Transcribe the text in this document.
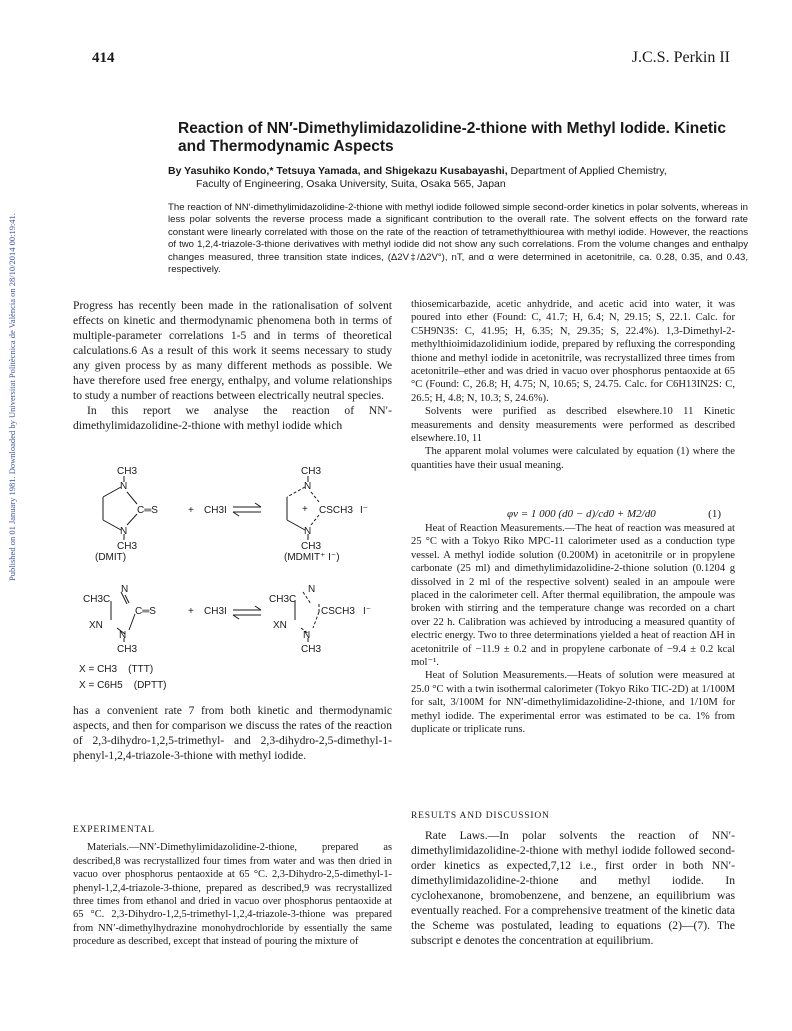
414	J.C.S. Perkin II
Published on 01 January 1981. Downloaded by Universitat Politècnica de València on 28/10/2014 00:19:41.
Reaction of NN′-Dimethylimidazolidine-2-thione with Methyl Iodide. Kinetic and Thermodynamic Aspects
By Yasuhiko Kondo,* Tetsuya Yamada, and Shigekazu Kusabayashi, Department of Applied Chemistry,
Faculty of Engineering, Osaka University, Suita, Osaka 565, Japan
The reaction of NN′-dimethylimidazolidine-2-thione with methyl iodide followed simple second-order kinetics in polar solvents, whereas in less polar solvents the reverse process made a significant contribution to the overall rate. The solvent effects on the forward rate constant were linearly correlated with those on the rate of the reaction of tetramethylthiourea with methyl iodide. However, the reactions of two 1,2,4-triazole-3-thione derivatives with methyl iodide did not show any such correlations. From the volume changes and enthalpy changes measured, three transition state indices, (Δ2V‡/Δ2V°), nT, and α were determined in acetonitrile, ca. 0.28, 0.35, and 0.43, respectively.

Progress has recently been made in the rationalisation of solvent effects on kinetic and thermodynamic phenomena both in terms of multiple-parameter correlations 1-5 and in terms of theoretical calculations.6 As a result of this work it seems necessary to study any given process by as many different methods as possible. We have therefore used free energy, enthalpy, and volume relationships to study a number of reactions between electrically neutral species.

In this report we analyse the reaction of NN′-dimethylimidazolidine-2-thione with methyl iodide which

CH3
N
C═S
N
CH3
+ CH3I
(DMIT)
CH3
N
+ CSCH3 I⁻
N
CH3
(MDMIT⁺ I⁻)
CH3C
N
C═S
XN
N
CH3
+ CH3I
CH3C
N
CSCH3 I⁻
XN
N
CH3
X = CH3    (TTT)
X = C6H5    (DPTT)

has a convenient rate 7 from both kinetic and thermodynamic aspects, and then for comparison we discuss the rates of the reaction of 2,3-dihydro-1,2,5-trimethyl- and 2,3-dihydro-2,5-dimethyl-1-phenyl-1,2,4-triazole-3-thione with methyl iodide.

EXPERIMENTAL

Materials.—NN′-Dimethylimidazolidine-2-thione, prepared as described,8 was recrystallized four times from water and was then dried in vacuo over phosphorus pentaoxide at 65 °C. 2,3-Dihydro-2,5-dimethyl-1-phenyl-1,2,4-triazole-3-thione, prepared as described,9 was recrystallized three times from ethanol and dried in vacuo over phosphorus pentaoxide at 65 °C. 2,3-Dihydro-1,2,5-trimethyl-1,2,4-triazole-3-thione was prepared from NN′-dimethylhydrazine monohydrochloride by essentially the same procedure as described, except that instead of pouring the mixture of

thiosemicarbazide, acetic anhydride, and acetic acid into water, it was poured into ether (Found: C, 41.7; H, 6.4; N, 29.15; S, 22.1. Calc. for C5H9N3S: C, 41.95; H, 6.35; N, 29.35; S, 22.4%). 1,3-Dimethyl-2-methylthioimidazolidinium iodide, prepared by refluxing the corresponding thione and methyl iodide in acetonitrile, was recrystallized three times from acetonitrile–ether and was dried in vacuo over phosphorus pentaoxide at 65 °C (Found: C, 26.8; H, 4.75; N, 10.65; S, 24.75. Calc. for C6H13IN2S: C, 26.5; H, 4.8; N, 10.3; S, 24.6%).

Solvents were purified as described elsewhere.10 11 Kinetic measurements and density measurements were performed as described elsewhere.10, 11

The apparent molal volumes were calculated by equation (1) where the quantities have their usual meaning.

φv = 1 000 (d0 − d)/cd0 + M2/d0	(1)

Heat of Reaction Measurements.—The heat of reaction was measured at 25 °C with a Tokyo Riko MPC-11 calorimeter used as a conduction type vessel. A methyl iodide solution (0.200M) in acetonitrile or in propylene carbonate (25 ml) and dimethylimidazolidine-2-thione solution (0.1204 g dissolved in 2 ml of the respective solvent) sealed in an ampoule were placed in the calorimeter cell. After thermal equilibration, the ampoule was broken with stirring and the temperature change was recorded on a chart over 22 h. Calibration was achieved by introducing a measured quantity of electric energy. Two to three determinations yielded a heat of reaction ΔH in acetonitrile of −11.9 ± 0.2 and in propylene carbonate of −9.4 ± 0.2 kcal mol⁻¹.

Heat of Solution Measurements.—Heats of solution were measured at 25.0 °C with a twin isothermal calorimeter (Tokyo Riko TIC-2D) at 1/100M for salt, 3/100M for NN′-dimethylimidazolidine-2-thione, and 1/10M for methyl iodide. The experimental error was estimated to be ca. 1% from duplicate or triplicate runs.

RESULTS AND DISCUSSION

Rate Laws.—In polar solvents the reaction of NN′-dimethylimidazolidine-2-thione with methyl iodide followed second-order kinetics as expected,7,12 i.e., first order in both NN′-dimethylimidazolidine-2-thione and methyl iodide. In cyclohexanone, bromobenzene, and benzene, an equilibrium was eventually reached. For a comprehensive treatment of the kinetic data the Scheme was postulated, leading to equations (2)—(7). The subscript e denotes the concentration at equilibrium.
